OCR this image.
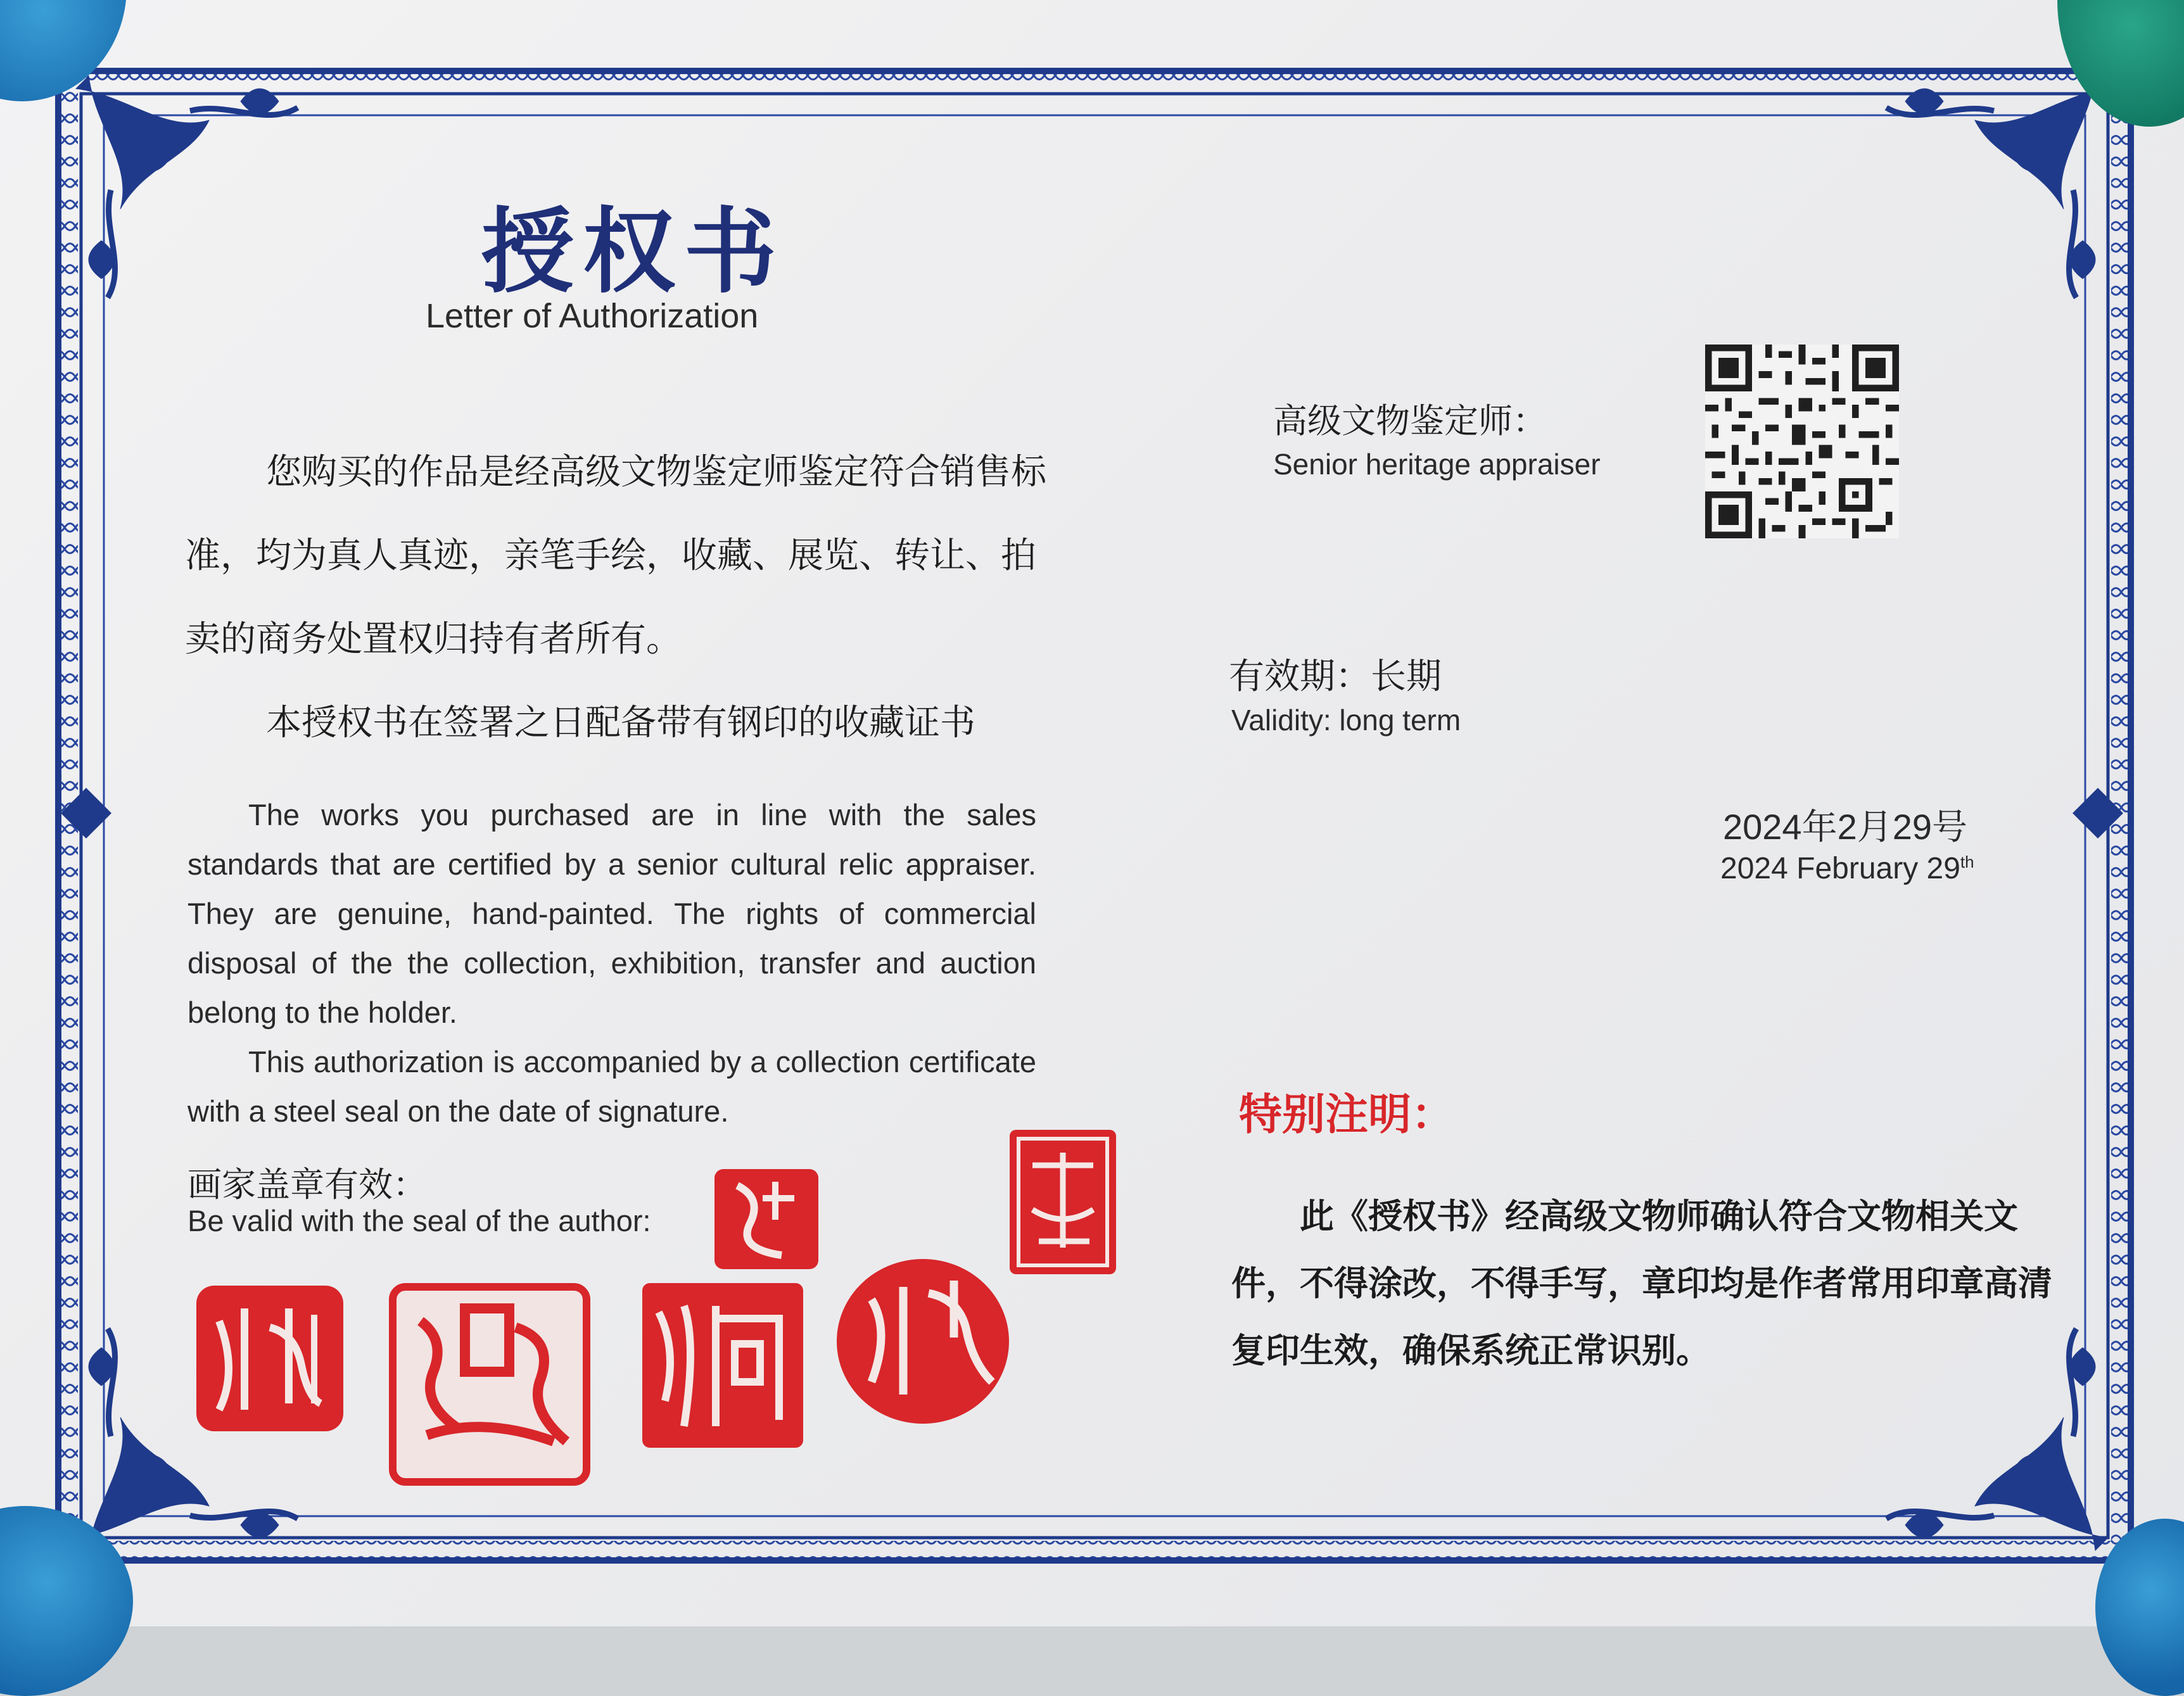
授权书
Letter of Authorization

您购买的作品是经高级文物鉴定师鉴定符合销售标准，均为真人真迹，亲笔手绘，收藏、展览、转让、拍卖的商务处置权归持有者所有。

本授权书在签署之日配备带有钢印的收藏证书

The works you purchased are in line with the sales standards that are certified by a senior cultural relic appraiser. They are genuine, hand-painted. The rights of commercial disposal of the the collection, exhibition, transfer and auction belong to the holder.

This authorization is accompanied by a collection certificate with a steel seal on the date of signature.

画家盖章有效：
Be valid with the seal of the author:
高级文物鉴定师：
Senior heritage appraiser
有效期：长期
Validity: long term
2024年2月29号
2024 February 29th
特别注明：

此《授权书》经高级文物师确认符合文物相关文件，不得涂改，不得手写，章印均是作者常用印章高清复印生效，确保系统正常识别。
